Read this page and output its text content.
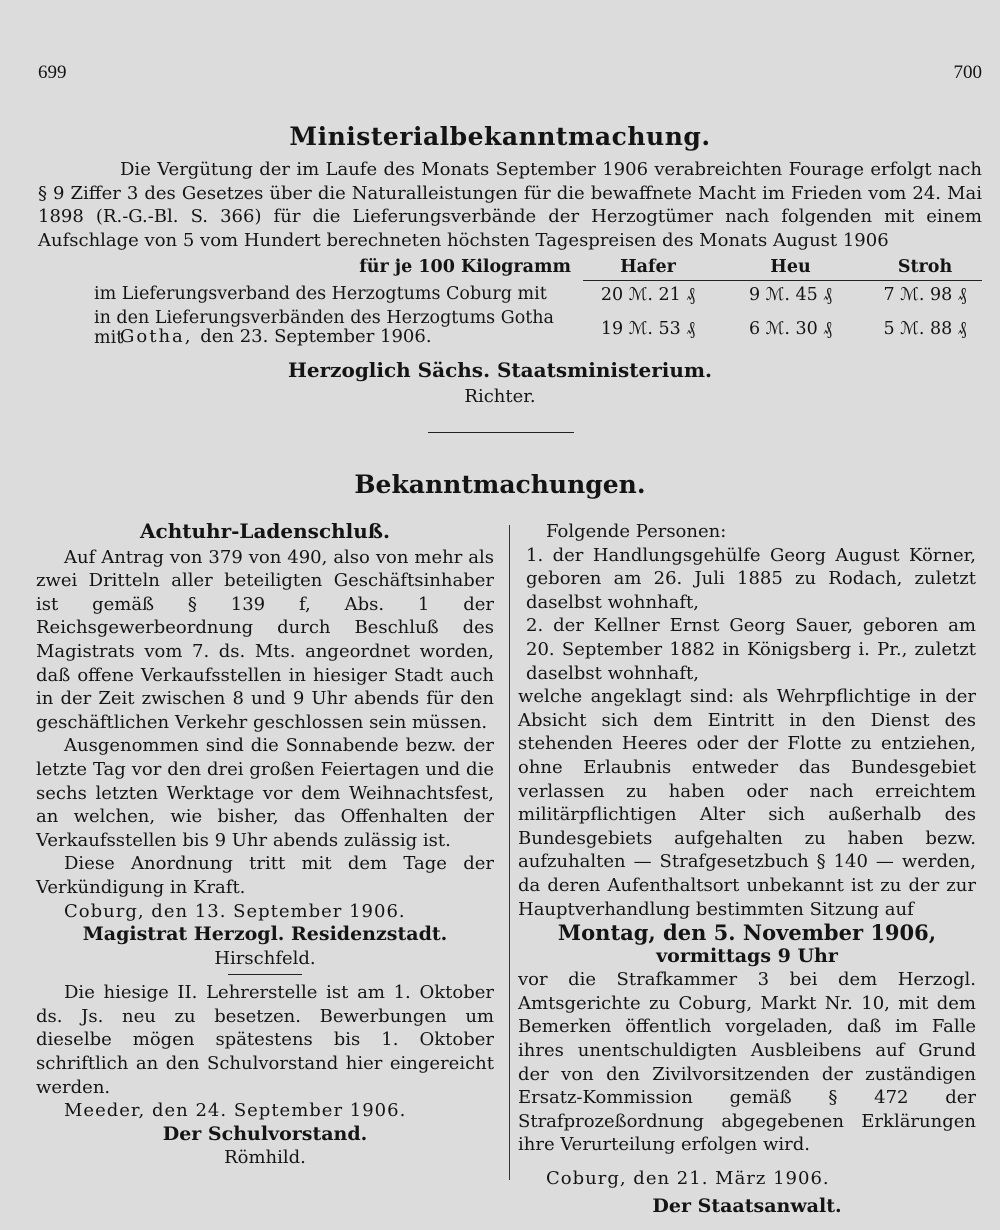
699	700
Ministerialbekanntmachung.

Die Vergütung der im Laufe des Monats September 1906 verabreichten Fourage erfolgt nach § 9 Ziffer 3 des Gesetzes über die Naturalleistungen für die bewaffnete Macht im Frieden vom 24. Mai 1898 (R.-G.-Bl. S. 366) für die Lieferungsverbände der Herzogtümer nach folgenden mit einem Aufschlage von 5 vom Hundert berechneten höchsten Tagespreisen des Monats August 1906

für je 100 Kilogramm	Hafer	Heu	Stroh
im Lieferungsverband des Herzogtums Coburg mit	20 ℳ. 21 ₰	9 ℳ. 45 ₰	7 ℳ. 98 ₰
in den Lieferungsverbänden des Herzogtums Gotha mit	19 ℳ. 53 ₰	6 ℳ. 30 ₰	5 ℳ. 88 ₰
Gotha, den 23. September 1906.
Herzoglich Sächs. Staatsministerium.
Richter.
Bekanntmachungen.
Achtuhr-Ladenschluß.

Auf Antrag von 379 von 490, also von mehr als zwei Dritteln aller beteiligten Geschäftsinhaber ist gemäß § 139 f, Abs. 1 der Reichsgewerbeordnung durch Beschluß des Magistrats vom 7. ds. Mts. angeordnet worden, daß offene Verkaufsstellen in hiesiger Stadt auch in der Zeit zwischen 8 und 9 Uhr abends für den geschäftlichen Verkehr geschlossen sein müssen.

Ausgenommen sind die Sonnabende bezw. der letzte Tag vor den drei großen Feiertagen und die sechs letzten Werktage vor dem Weihnachtsfest, an welchen, wie bisher, das Offenhalten der Verkaufsstellen bis 9 Uhr abends zulässig ist.

Diese Anordnung tritt mit dem Tage der Verkündigung in Kraft.

Coburg, den 13. September 1906.

Magistrat Herzogl. Residenzstadt.

Hirschfeld.

Die hiesige II. Lehrerstelle ist am 1. Oktober ds. Js. neu zu besetzen. Bewerbungen um dieselbe mögen spätestens bis 1. Oktober schriftlich an den Schulvorstand hier eingereicht werden.

Meeder, den 24. September 1906.

Der Schulvorstand.

Römhild.

Folgende Personen:

1. der Handlungsgehülfe Georg August Körner, geboren am 26. Juli 1885 zu Rodach, zuletzt daselbst wohnhaft,

2. der Kellner Ernst Georg Sauer, geboren am 20. September 1882 in Königsberg i. Pr., zuletzt daselbst wohnhaft,

welche angeklagt sind: als Wehrpflichtige in der Absicht sich dem Eintritt in den Dienst des stehenden Heeres oder der Flotte zu entziehen, ohne Erlaubnis entweder das Bundesgebiet verlassen zu haben oder nach erreichtem militärpflichtigen Alter sich außerhalb des Bundesgebiets aufgehalten zu haben bezw. aufzuhalten — Strafgesetzbuch § 140 — werden, da deren Aufenthaltsort unbekannt ist zu der zur Hauptverhandlung bestimmten Sitzung auf

Montag, den 5. November 1906,

vormittags 9 Uhr

vor die Strafkammer 3 bei dem Herzogl. Amtsgerichte zu Coburg, Markt Nr. 10, mit dem Bemerken öffentlich vorgeladen, daß im Falle ihres unentschuldigten Ausbleibens auf Grund der von den Zivilvorsitzenden der zuständigen Ersatz-Kommission gemäß § 472 der Strafprozeßordnung abgegebenen Erklärungen ihre Verurteilung erfolgen wird.

Coburg, den 21. März 1906.

Der Staatsanwalt.
